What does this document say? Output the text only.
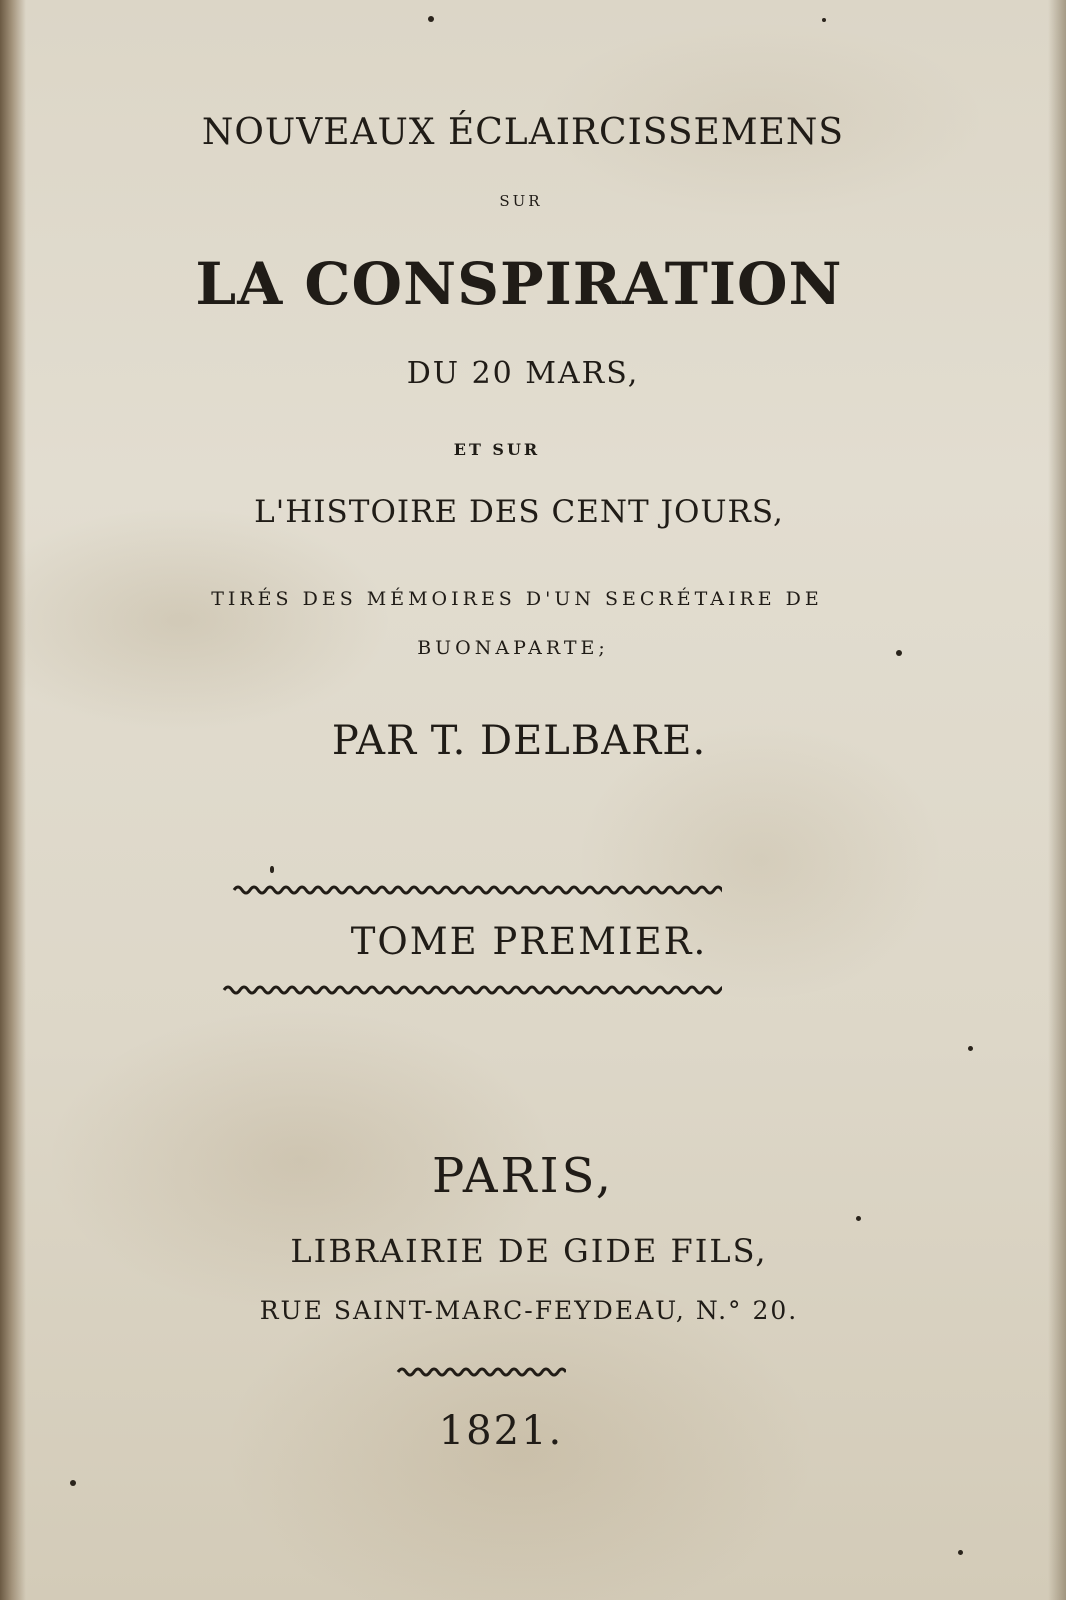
NOUVEAUX ÉCLAIRCISSEMENS
SUR
LA CONSPIRATION
DU 20 MARS,
ET SUR
L'HISTOIRE DES CENT JOURS,
TIRÉS DES MÉMOIRES D'UN SECRÉTAIRE DE
BUONAPARTE;
PAR T. DELBARE.
TOME PREMIER.
PARIS,
LIBRAIRIE DE GIDE FILS,
RUE SAINT-MARC-FEYDEAU, N.° 20.
1821.
